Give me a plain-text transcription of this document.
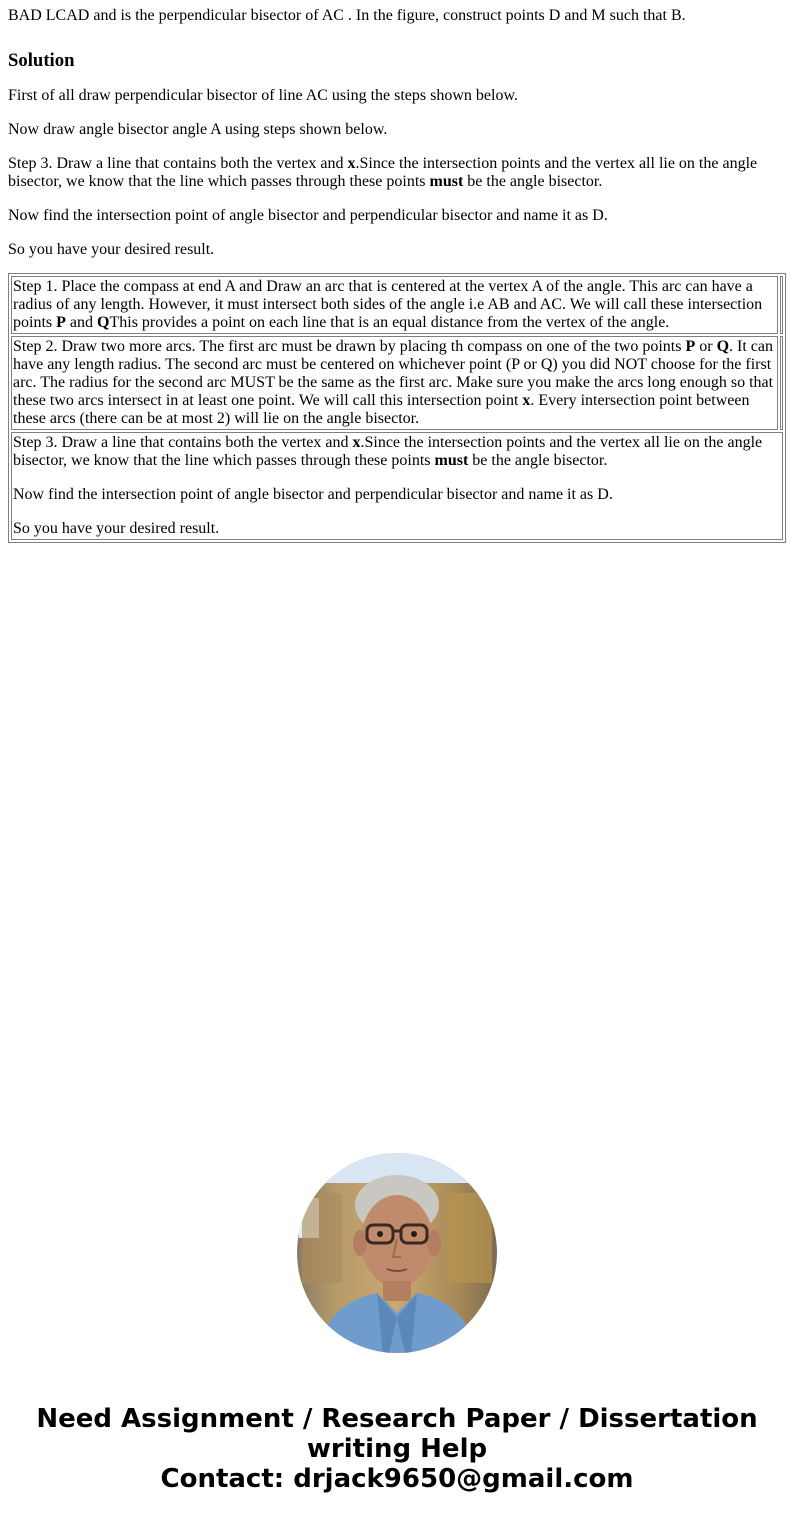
BAD LCAD and is the perpendicular bisector of AC . In the figure, construct points D and M such that B.

Solution

First of all draw perpendicular bisector of line AC using the steps shown below.

Now draw angle bisector angle A using steps shown below.

Step 3. Draw a line that contains both the vertex and x.Since the intersection points and the vertex all lie on the angle bisector, we know that the line which passes through these points must be the angle bisector.

Now find the intersection point of angle bisector and perpendicular bisector and name it as D.

So you have your desired result.

Step 1. Place the compass at end A and Draw an arc that is centered at the vertex A of the angle. This arc can have a radius of any length. However, it must intersect both sides of the angle i.e AB and AC. We will call these intersection points P and QThis provides a point on each line that is an equal distance from the vertex of the angle.	
Step 2. Draw two more arcs. The first arc must be drawn by placing th compass on one of the two points P or Q. It can have any length radius. The second arc must be centered on whichever point (P or Q) you did NOT choose for the first arc. The radius for the second arc MUST be the same as the first arc. Make sure you make the arcs long enough so that these two arcs intersect in at least one point. We will call this intersection point x. Every intersection point between these arcs (there can be at most 2) will lie on the angle bisector.	

Step 3. Draw a line that contains both the vertex and x.Since the intersection points and the vertex all lie on the angle bisector, we know that the line which passes through these points must be the angle bisector.

Now find the intersection point of angle bisector and perpendicular bisector and name it as D.

So you have your desired result.	

Need Assignment / Research Paper / Dissertation
writing Help
Contact: drjack9650@gmail.com
